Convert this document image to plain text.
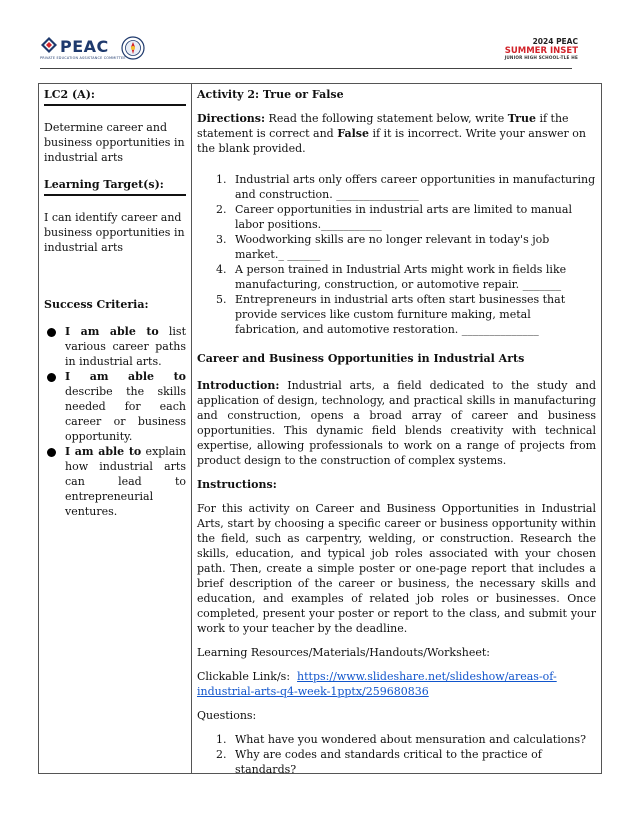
PEAC
PRIVATE EDUCATION ASSISTANCE COMMITTEE
2024 PEAC
SUMMER INSET
JUNIOR HIGH SCHOOL-TLE HE
LC2 (A):
Determine career and business opportunities in industrial arts
Learning Target(s):
I can identify career and business opportunities in industrial arts
Success Criteria:
I am able to list various career paths in industrial arts.
I am able to describe the skills needed for each career or business opportunity.
I am able to explain how industrial arts can lead to entrepreneurial ventures.

Activity 2: True or False

Directions: Read the following statement below, write True if the statement is correct and False if it is incorrect. Write your answer on the blank provided.

1. Industrial arts only offers career opportunities in manufacturing and construction. _______________
2. Career opportunities in industrial arts are limited to manual labor positions.___________
3. Woodworking skills are no longer relevant in today's job market._ ______
4. A person trained in Industrial Arts might work in fields like manufacturing, construction, or automotive repair. _______
5. Entrepreneurs in industrial arts often start businesses that provide services like custom furniture making, metal fabrication, and automotive restoration. ______________

Career and Business Opportunities in Industrial Arts

Introduction: Industrial arts, a field dedicated to the study and application of design, technology, and practical skills in manufacturing and construction, opens a broad array of career and business opportunities. This dynamic field blends creativity with technical expertise, allowing professionals to work on a range of projects from product design to the construction of complex systems.

Instructions:

For this activity on Career and Business Opportunities in Industrial Arts, start by choosing a specific career or business opportunity within the field, such as carpentry, welding, or construction. Research the skills, education, and typical job roles associated with your chosen path. Then, create a simple poster or one-page report that includes a brief description of the career or business, the necessary skills and education, and examples of related job roles or businesses. Once completed, present your poster or report to the class, and submit your work to your teacher by the deadline.

Learning Resources/Materials/Handouts/Worksheet:

Clickable Link/s: https://www.slideshare.net/slideshow/areas-of-industrial-arts-q4-week-1pptx/259680836

Questions:

1. What have you wondered about mensuration and calculations?
2. Why are codes and standards critical to the practice of standards?
